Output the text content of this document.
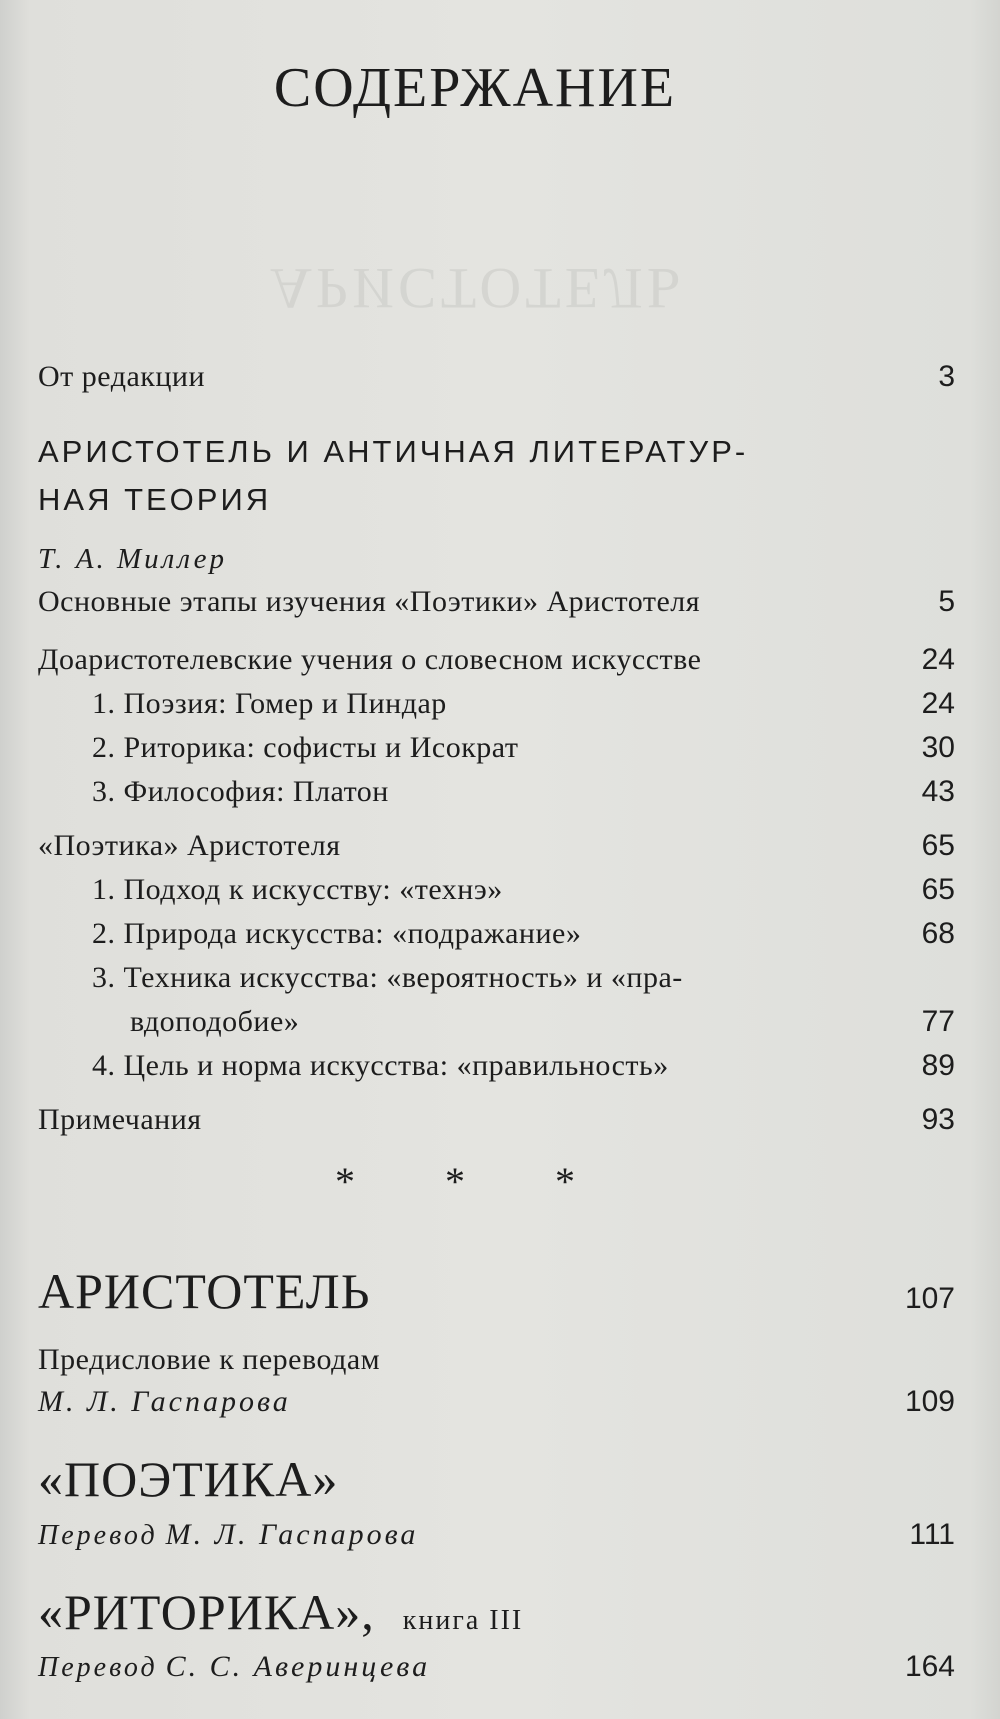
АРИСТОТЕЛЬ
СОДЕРЖАНИЕ
От редакции	3
АРИСТОТЕЛЬ И АНТИЧНАЯ ЛИТЕРАТУР-
НАЯ ТЕОРИЯ
Т. А. Миллер
Основные этапы изучения «Поэтики» Аристотеля	5
Доаристотелевские учения о словесном искусстве	24
1. Поэзия: Гомер и Пиндар	24
2. Риторика: софисты и Исократ	30
3. Философия: Платон	43
«Поэтика» Аристотеля	65
1. Подход к искусству: «технэ»	65
2. Природа искусства: «подражание»	68
3. Техника искусства: «вероятность» и «пра-
вдоподобие»	77
4. Цель и норма искусства: «правильность»	89
Примечания	93
* * *
АРИСТОТЕЛЬ	107
Предисловие к переводам
М. Л. Гаспарова	109
«ПОЭТИКА»
Перевод М. Л. Гаспарова	111
«РИТОРИКА», книга III
Перевод С. С. Аверинцева	164
